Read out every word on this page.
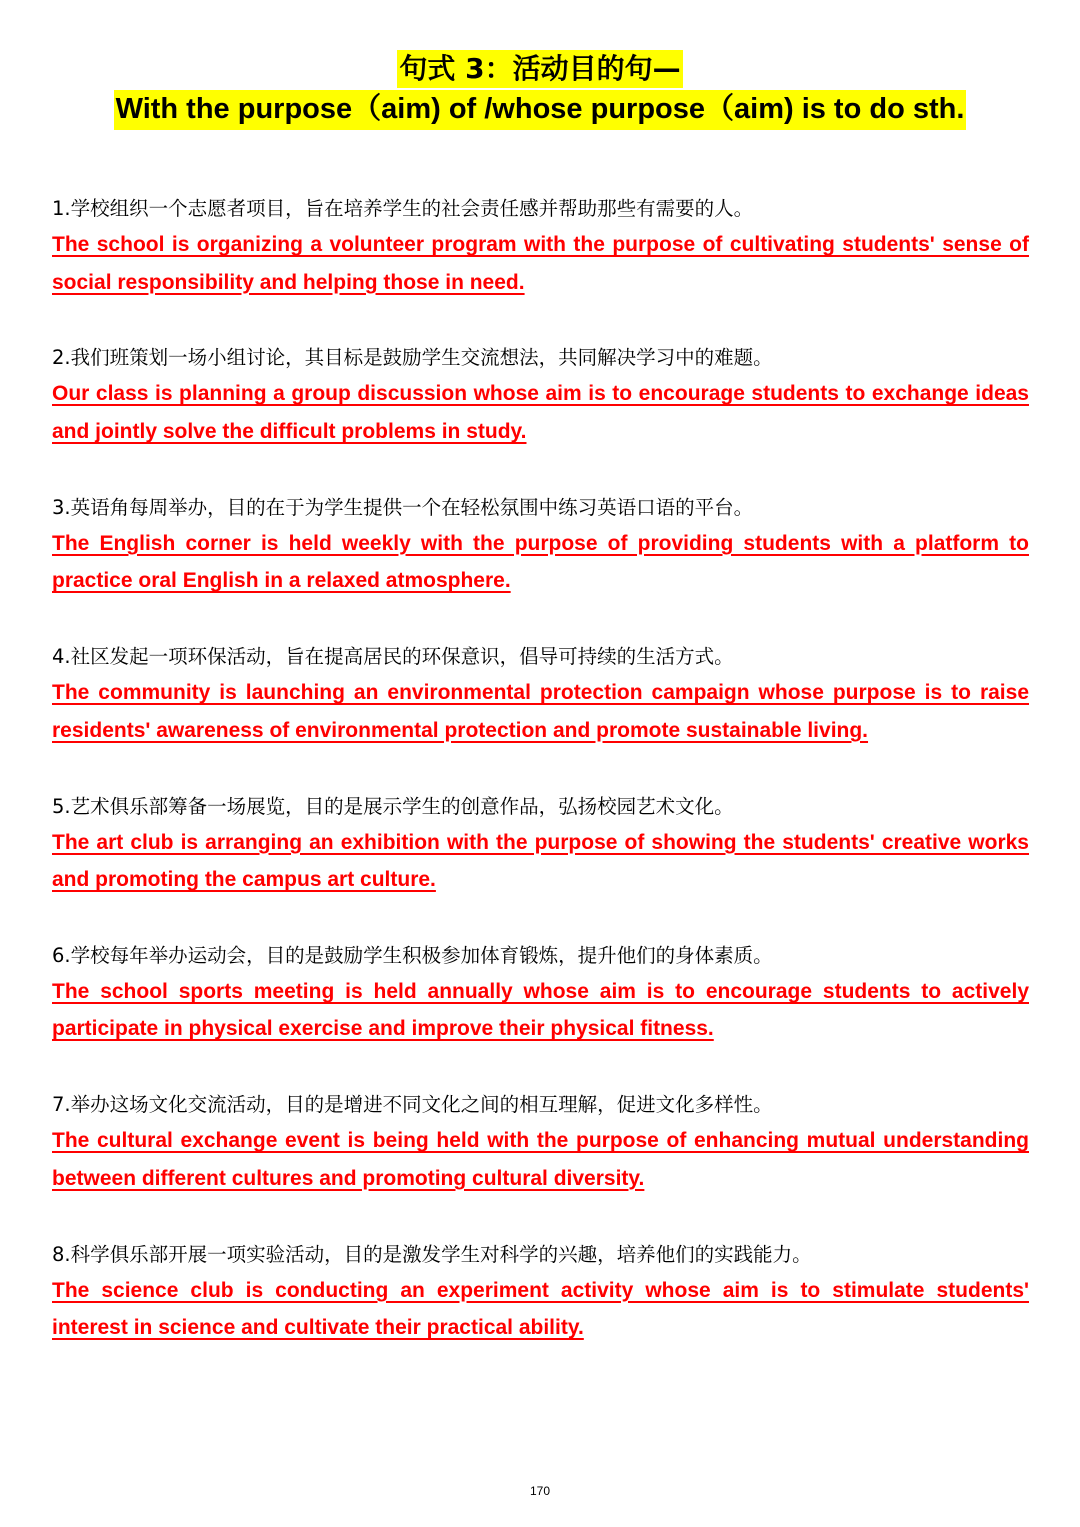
句式 3：活动目的句—
With the purpose（aim) of /whose purpose（aim) is to do sth.
1.学校组织一个志愿者项目，旨在培养学生的社会责任感并帮助那些有需要的人。

The school is organizing a volunteer program with the purpose of cultivating students' sense of social responsibility and helping those in need.

2.我们班策划一场小组讨论，其目标是鼓励学生交流想法，共同解决学习中的难题。

Our class is planning a group discussion whose aim is to encourage students to exchange ideas and jointly solve the difficult problems in study.

3.英语角每周举办，目的在于为学生提供一个在轻松氛围中练习英语口语的平台。

The English corner is held weekly with the purpose of providing students with a platform to practice oral English in a relaxed atmosphere.

4.社区发起一项环保活动，旨在提高居民的环保意识，倡导可持续的生活方式。

The community is launching an environmental protection campaign whose purpose is to raise residents' awareness of environmental protection and promote sustainable living.

5.艺术俱乐部筹备一场展览，目的是展示学生的创意作品，弘扬校园艺术文化。

The art club is arranging an exhibition with the purpose of showing the students' creative works and promoting the campus art culture.

6.学校每年举办运动会，目的是鼓励学生积极参加体育锻炼，提升他们的身体素质。

The school sports meeting is held annually whose aim is to encourage students to actively participate in physical exercise and improve their physical fitness.

7.举办这场文化交流活动，目的是增进不同文化之间的相互理解，促进文化多样性。

The cultural exchange event is being held with the purpose of enhancing mutual understanding between different cultures and promoting cultural diversity.

8.科学俱乐部开展一项实验活动，目的是激发学生对科学的兴趣，培养他们的实践能力。

The science club is conducting an experiment activity whose aim is to stimulate students' interest in science and cultivate their practical ability.

170
